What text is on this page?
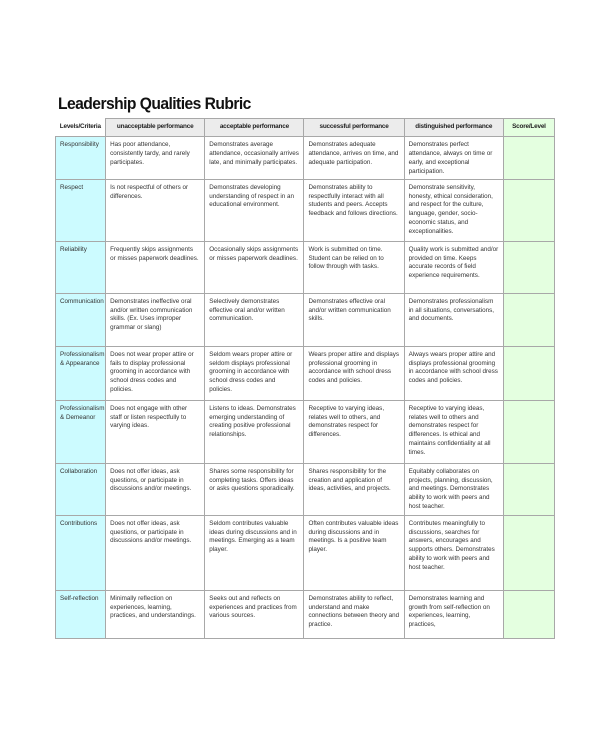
Leadership Qualities Rubric
Levels/Criteria	unacceptable performance	acceptable performance	successful performance	distinguished performance	Score/Level
Responsibility	Has poor attendance, consistently tardy, and rarely participates.	Demonstrates average attendance, occasionally arrives late, and minimally participates.	Demonstrates adequate attendance, arrives on time, and adequate participation.	Demonstrates perfect attendance, always on time or early, and exceptional participation.	
Respect	Is not respectful of others or differences.	Demonstrates developing understanding of respect in an educational environment.	Demonstrates ability to respectfully interact with all students and peers. Accepts feedback and follows directions.	Demonstrate sensitivity, honesty, ethical consideration, and respect for the culture, language, gender, socio-economic status, and exceptionalities.	
Reliability	Frequently skips assignments or misses paperwork deadlines.	Occasionally skips assignments or misses paperwork deadlines.	Work is submitted on time. Student can be relied on to follow through with tasks.	Quality work is submitted and/or provided on time. Keeps accurate records of field experience requirements.	
Communication	Demonstrates ineffective oral and/or written communication skills. (Ex. Uses improper grammar or slang)	Selectively demonstrates effective oral and/or written communication.	Demonstrates effective oral and/or written communication skills.	Demonstrates professionalism in all situations, conversations, and documents.	
Professionalism & Appearance	Does not wear proper attire or fails to display professional grooming in accordance with school dress codes and policies.	Seldom wears proper attire or seldom displays professional grooming in accordance with school dress codes and policies.	Wears proper attire and displays professional grooming in accordance with school dress codes and policies.	Always wears proper attire and displays professional grooming in accordance with school dress codes and policies.	
Professionalism & Demeanor	Does not engage with other staff or listen respectfully to varying ideas.	Listens to ideas. Demonstrates emerging understanding of creating positive professional relationships.	Receptive to varying ideas, relates well to others, and demonstrates respect for differences.	Receptive to varying ideas, relates well to others and demonstrates respect for differences. Is ethical and maintains confidentiality at all times.	
Collaboration	Does not offer ideas, ask questions, or participate in discussions and/or meetings.	Shares some responsibility for completing tasks. Offers ideas or asks questions sporadically.	Shares responsibility for the creation and application of ideas, activities, and projects.	Equitably collaborates on projects, planning, discussion, and meetings. Demonstrates ability to work with peers and host teacher.	
Contributions	Does not offer ideas, ask questions, or participate in discussions and/or meetings.	Seldom contributes valuable ideas during discussions and in meetings. Emerging as a team player.	Often contributes valuable ideas during discussions and in meetings. Is a positive team player.	Contributes meaningfully to discussions, searches for answers, encourages and supports others. Demonstrates ability to work with peers and host teacher.	
Self-reflection	Minimally reflection on experiences, learning, practices, and understandings.	Seeks out and reflects on experiences and practices from various sources.	Demonstrates ability to reflect, understand and make connections between theory and practice.	Demonstrates learning and growth from self-reflection on experiences, learning, practices,	
